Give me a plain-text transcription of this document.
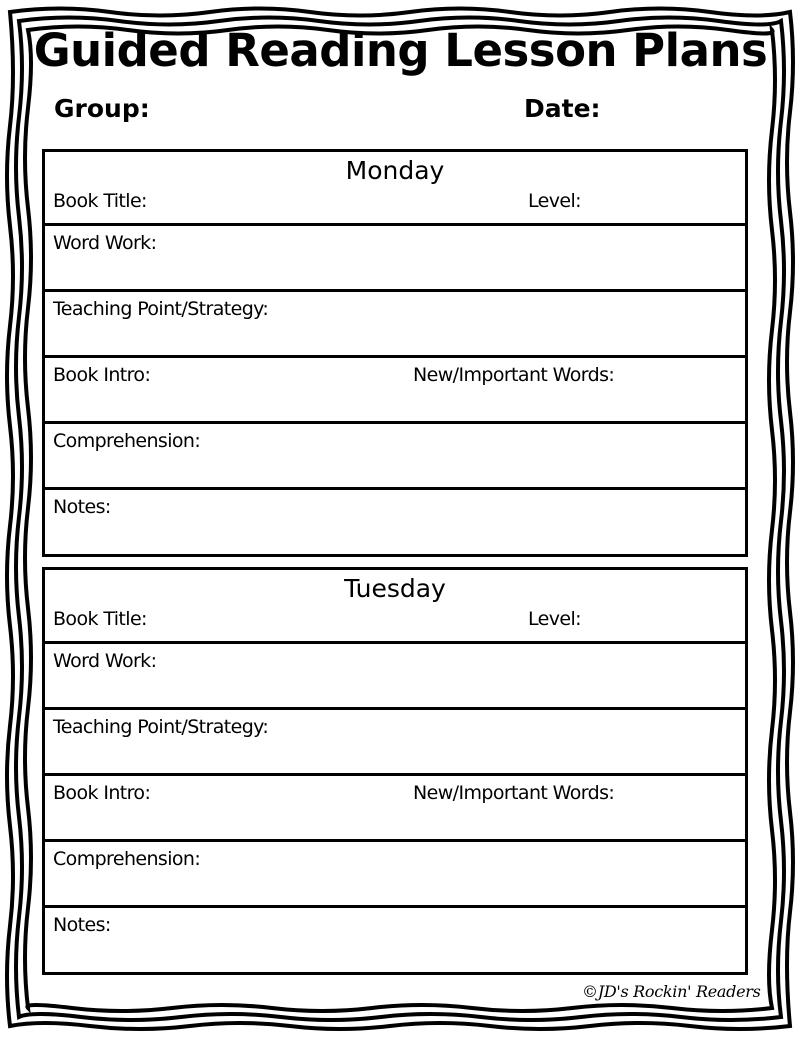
Guided Reading Lesson Plans
Group:	Date:
Monday
Book Title:	Level:
Word Work:
Teaching Point/Strategy:
Book Intro:	New/Important Words:
Comprehension:
Notes:
Tuesday
Book Title:	Level:
Word Work:
Teaching Point/Strategy:
Book Intro:	New/Important Words:
Comprehension:
Notes:
©JD's Rockin' Readers
